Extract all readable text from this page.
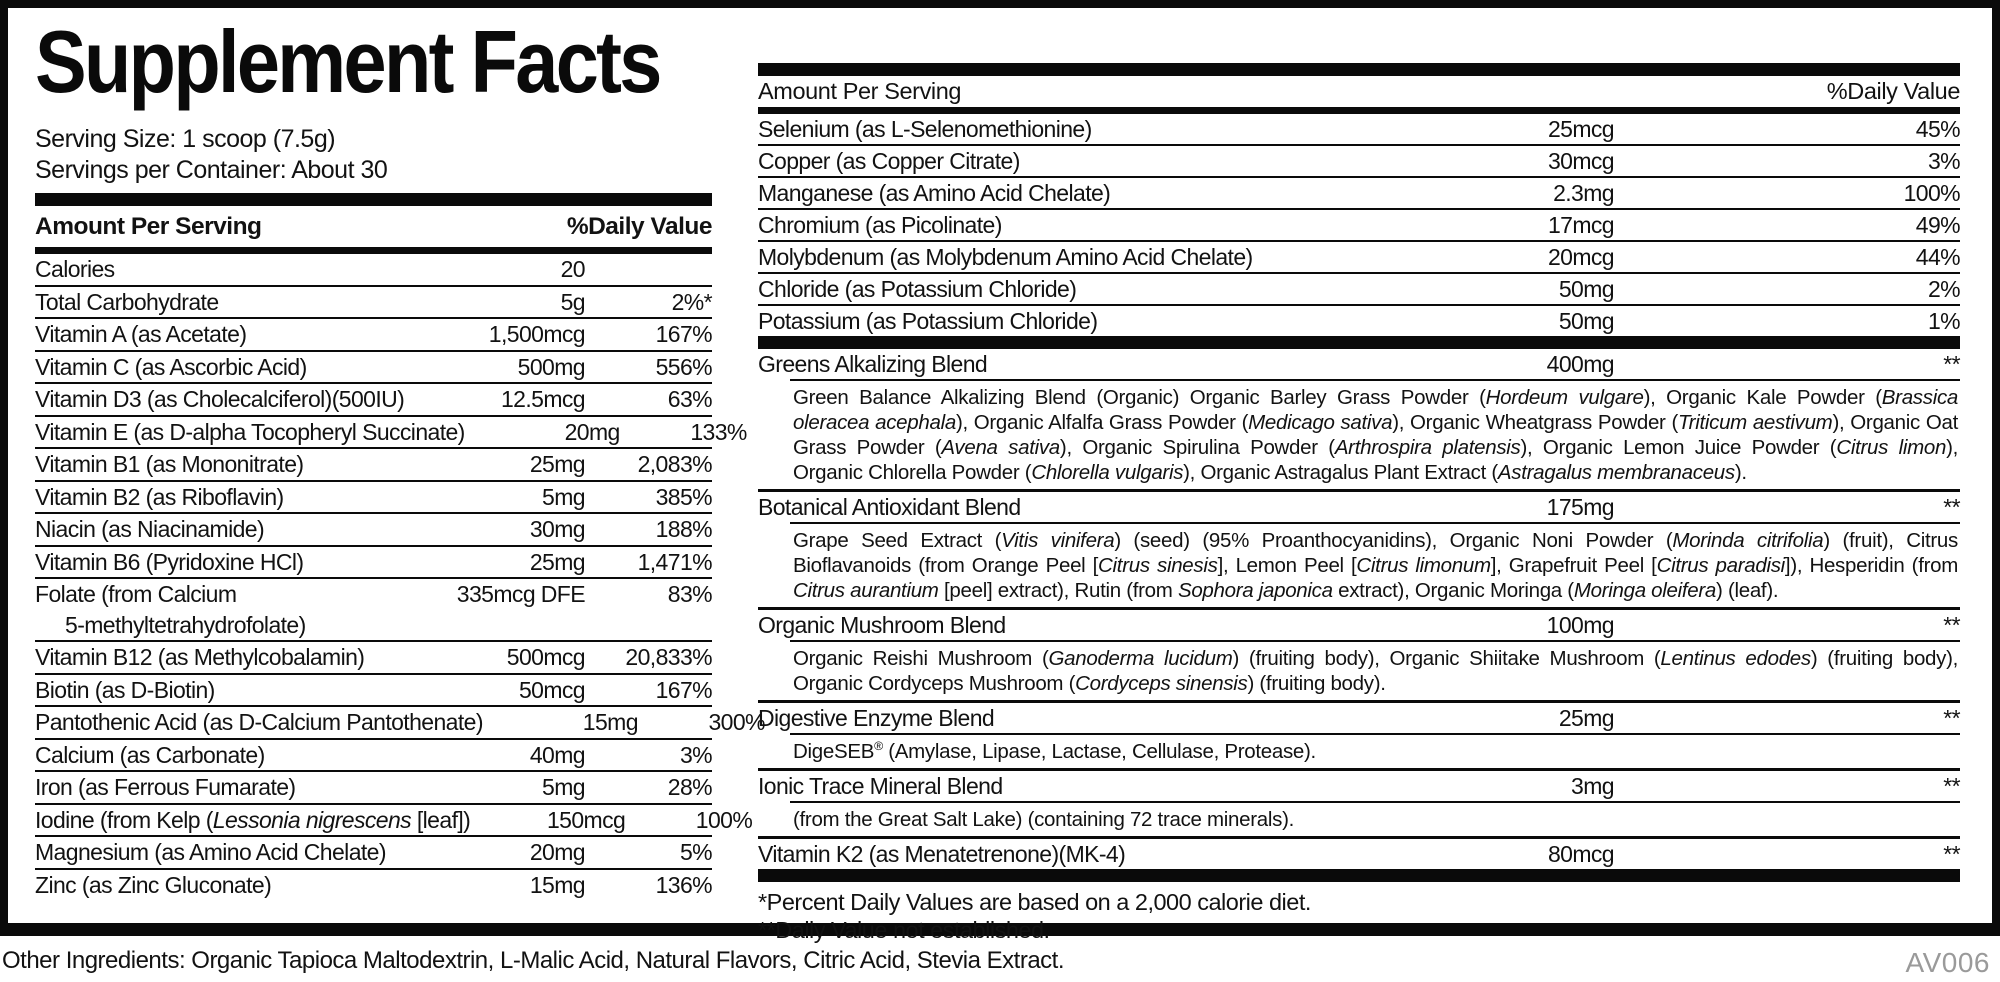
Supplement Facts
Serving Size: 1 scoop (7.5g)
Servings per Container: About 30
Amount Per Serving	%Daily Value
Calories	20
Total Carbohydrate	5g	2%*
Vitamin A (as Acetate)	1,500mcg	167%
Vitamin C (as Ascorbic Acid)	500mg	556%
Vitamin D3 (as Cholecalciferol)(500IU)	12.5mcg	63%
Vitamin E (as D-alpha Tocopheryl Succinate)	20mg	133%
Vitamin B1 (as Mononitrate)	25mg	2,083%
Vitamin B2 (as Riboflavin)	5mg	385%
Niacin (as Niacinamide)	30mg	188%
Vitamin B6 (Pyridoxine HCl)	25mg	1,471%
Folate (from Calcium
5-methyltetrahydrofolate)
335mcg DFE	83%
Vitamin B12 (as Methylcobalamin)	500mcg	20,833%
Biotin (as D-Biotin)	50mcg	167%
Pantothenic Acid (as D-Calcium Pantothenate)	15mg	300%
Calcium (as Carbonate)	40mg	3%
Iron (as Ferrous Fumarate)	5mg	28%
Iodine (from Kelp (Lessonia nigrescens [leaf])	150mcg	100%
Magnesium (as Amino Acid Chelate)	20mg	5%
Zinc (as Zinc Gluconate)	15mg	136%
Amount Per Serving	%Daily Value
Selenium (as L-Selenomethionine)	25mcg	45%
Copper (as Copper Citrate)	30mcg	3%
Manganese (as Amino Acid Chelate)	2.3mg	100%
Chromium (as Picolinate)	17mcg	49%
Molybdenum (as Molybdenum Amino Acid Chelate)	20mcg	44%
Chloride (as Potassium Chloride)	50mg	2%
Potassium (as Potassium Chloride)	50mg	1%
Greens Alkalizing Blend	400mg	**
Green Balance Alkalizing Blend (Organic) Organic Barley Grass Powder (Hordeum vulgare), Organic Kale Powder (Brassica oleracea acephala), Organic Alfalfa Grass Powder (Medicago sativa), Organic Wheatgrass Powder (Triticum aestivum), Organic Oat Grass Powder (Avena sativa), Organic Spirulina Powder (Arthrospira platensis), Organic Lemon Juice Powder (Citrus limon), Organic Chlorella Powder (Chlorella vulgaris), Organic Astragalus Plant Extract (Astragalus membranaceus).
Botanical Antioxidant Blend	175mg	**
Grape Seed Extract (Vitis vinifera) (seed) (95% Proanthocyanidins), Organic Noni Powder (Morinda citrifolia) (fruit), Citrus Bioflavanoids (from Orange Peel [Citrus sinesis], Lemon Peel [Citrus limonum], Grapefruit Peel [Citrus paradisi]), Hesperidin (from Citrus aurantium [peel] extract), Rutin (from Sophora japonica extract), Organic Moringa (Moringa oleifera) (leaf).
Organic Mushroom Blend	100mg	**
Organic Reishi Mushroom (Ganoderma lucidum) (fruiting body), Organic Shiitake Mushroom (Lentinus edodes) (fruiting body), Organic Cordyceps Mushroom (Cordyceps sinensis) (fruiting body).
Digestive Enzyme Blend	25mg	**
DigeSEB® (Amylase, Lipase, Lactase, Cellulase, Protease).
Ionic Trace Mineral Blend	3mg	**
(from the Great Salt Lake) (containing 72 trace minerals).
Vitamin K2 (as Menatetrenone)(MK-4)	80mcg	**
*Percent Daily Values are based on a 2,000 calorie diet.
**Daily Value not established.
Other Ingredients: Organic Tapioca Maltodextrin, L-Malic Acid, Natural Flavors, Citric Acid, Stevia Extract.	AV006
